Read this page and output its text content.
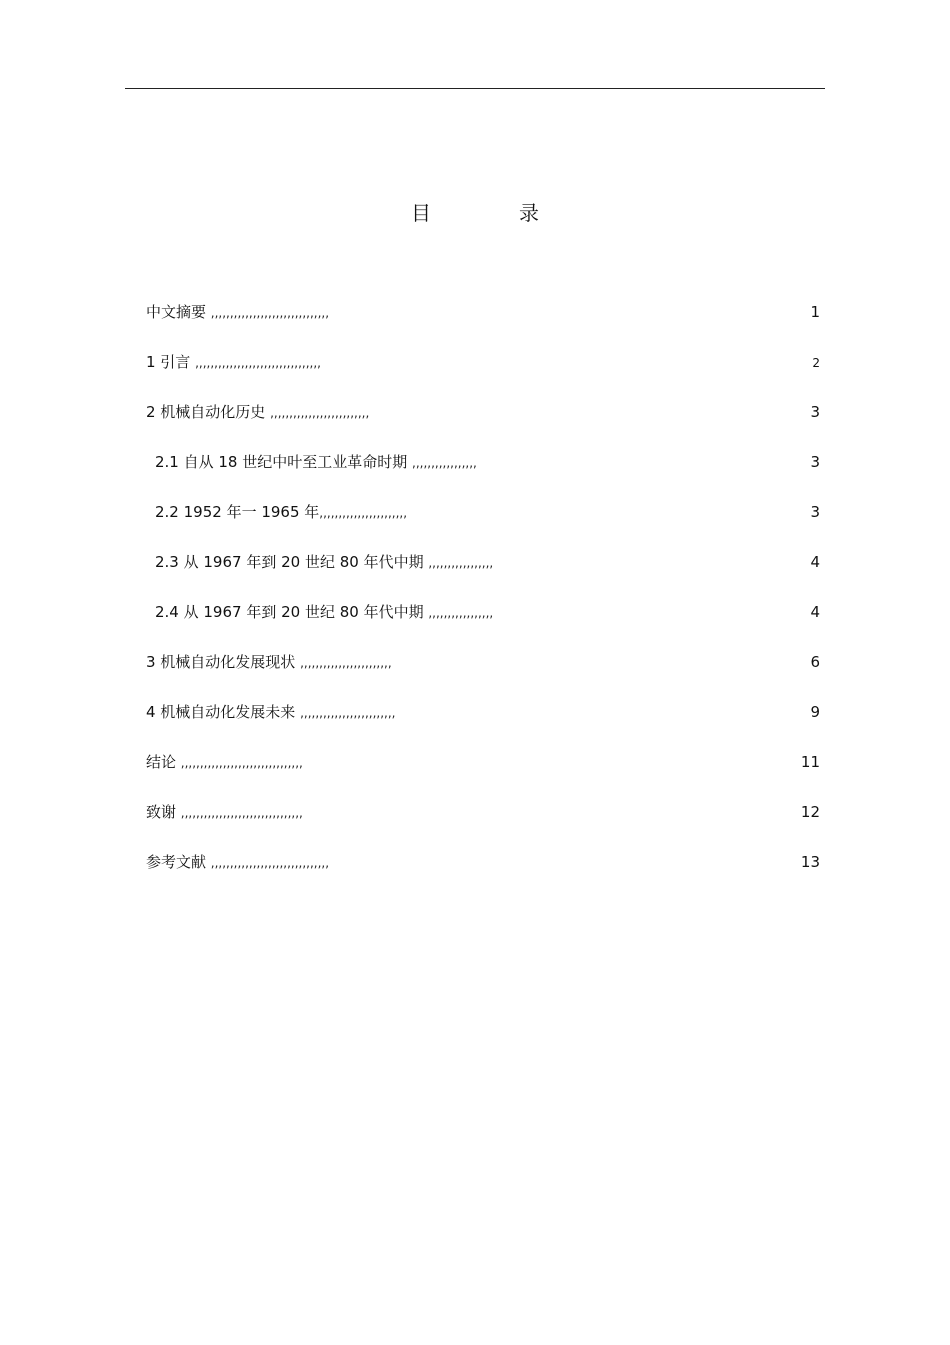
目　录
中文摘要 ,,,,,,,,,,,,,,,,,,,,,,,,,,,,,,,	1
1 引言 ,,,,,,,,,,,,,,,,,,,,,,,,,,,,,,,,,	2
2 机械自动化历史 ,,,,,,,,,,,,,,,,,,,,,,,,,,	3
2.1 自从 18 世纪中叶至工业革命时期 ,,,,,,,,,,,,,,,,,	3
2.2 1952 年一 1965 年,,,,,,,,,,,,,,,,,,,,,,,	3
2.3 从 1967 年到 20 世纪 80 年代中期 ,,,,,,,,,,,,,,,,,	4
2.4 从 1967 年到 20 世纪 80 年代中期 ,,,,,,,,,,,,,,,,,	4
3 机械自动化发展现状 ,,,,,,,,,,,,,,,,,,,,,,,,	6
4 机械自动化发展未来 ,,,,,,,,,,,,,,,,,,,,,,,,,	9
结论 ,,,,,,,,,,,,,,,,,,,,,,,,,,,,,,,,	11
致谢 ,,,,,,,,,,,,,,,,,,,,,,,,,,,,,,,,	12
参考文献 ,,,,,,,,,,,,,,,,,,,,,,,,,,,,,,,	13
